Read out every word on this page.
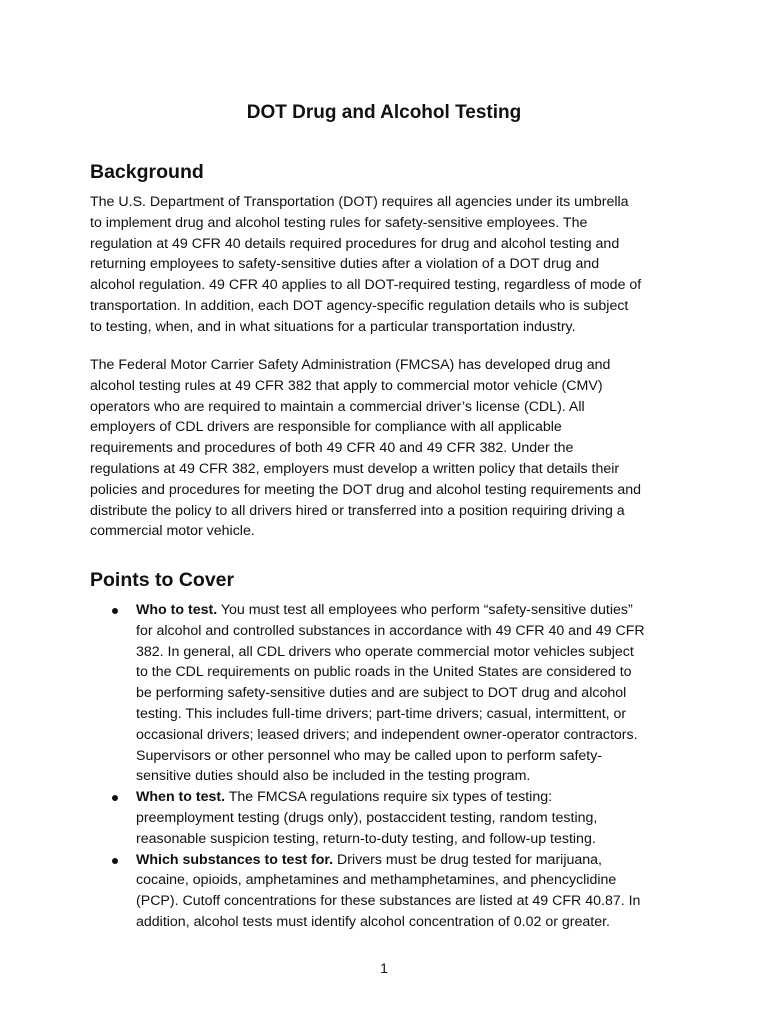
DOT Drug and Alcohol Testing
Background
The U.S. Department of Transportation (DOT) requires all agencies under its umbrella
to implement drug and alcohol testing rules for safety-sensitive employees. The
regulation at 49 CFR 40 details required procedures for drug and alcohol testing and
returning employees to safety-sensitive duties after a violation of a DOT drug and
alcohol regulation. 49 CFR 40 applies to all DOT-required testing, regardless of mode of
transportation. In addition, each DOT agency-specific regulation details who is subject
to testing, when, and in what situations for a particular transportation industry.
The Federal Motor Carrier Safety Administration (FMCSA) has developed drug and
alcohol testing rules at 49 CFR 382 that apply to commercial motor vehicle (CMV)
operators who are required to maintain a commercial driver’s license (CDL). All
employers of CDL drivers are responsible for compliance with all applicable
requirements and procedures of both 49 CFR 40 and 49 CFR 382. Under the
regulations at 49 CFR 382, employers must develop a written policy that details their
policies and procedures for meeting the DOT drug and alcohol testing requirements and
distribute the policy to all drivers hired or transferred into a position requiring driving a
commercial motor vehicle.
Points to Cover
Who to test. You must test all employees who perform “safety-sensitive duties”
for alcohol and controlled substances in accordance with 49 CFR 40 and 49 CFR
382. In general, all CDL drivers who operate commercial motor vehicles subject
to the CDL requirements on public roads in the United States are considered to
be performing safety-sensitive duties and are subject to DOT drug and alcohol
testing. This includes full-time drivers; part-time drivers; casual, intermittent, or
occasional drivers; leased drivers; and independent owner-operator contractors.
Supervisors or other personnel who may be called upon to perform safety-
sensitive duties should also be included in the testing program.
When to test. The FMCSA regulations require six types of testing:
preemployment testing (drugs only), postaccident testing, random testing,
reasonable suspicion testing, return-to-duty testing, and follow-up testing.
Which substances to test for. Drivers must be drug tested for marijuana,
cocaine, opioids, amphetamines and methamphetamines, and phencyclidine
(PCP). Cutoff concentrations for these substances are listed at 49 CFR 40.87. In
addition, alcohol tests must identify alcohol concentration of 0.02 or greater.
1
